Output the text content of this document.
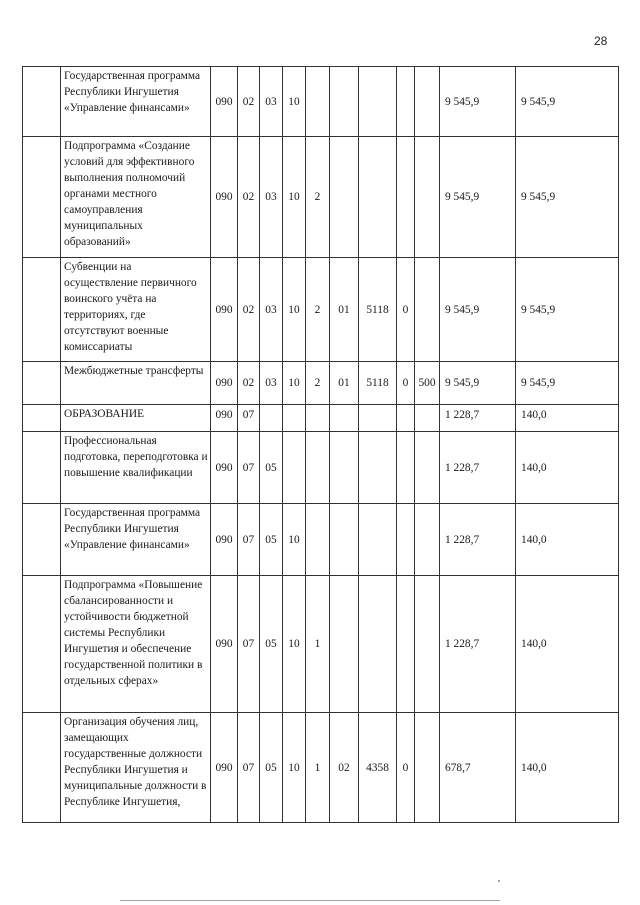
28
	Государственная программа Республики Ингушетия «Управление финансами»	090	02	03	10						9 545,9	9 545,9
	Подпрограмма «Создание условий для эффективного выполнения полномочий органами местного самоуправления муниципальных образований»	090	02	03	10	2					9 545,9	9 545,9
	Субвенции на осуществление первичного воинского учёта на территориях, где отсутствуют военные комиссариаты	090	02	03	10	2	01	5118	0		9 545,9	9 545,9
	Межбюджетные трансферты	090	02	03	10	2	01	5118	0	500	9 545,9	9 545,9
	ОБРАЗОВАНИЕ	090	07								1 228,7	140,0
	Профессиональная подготовка, переподготовка и повышение квалификации	090	07	05							1 228,7	140,0
	Государственная программа Республики Ингушетия «Управление финансами»	090	07	05	10						1 228,7	140,0
	Подпрограмма «Повышение сбалансированности и устойчивости бюджетной системы Республики Ингушетия и обеспечение государственной политики в отдельных сферах»	090	07	05	10	1					1 228,7	140,0
	Организация обучения лиц, замещающих государственные должности Республики Ингушетия и муниципальные должности в Республике Ингушетия,	090	07	05	10	1	02	4358	0		678,7	140,0
